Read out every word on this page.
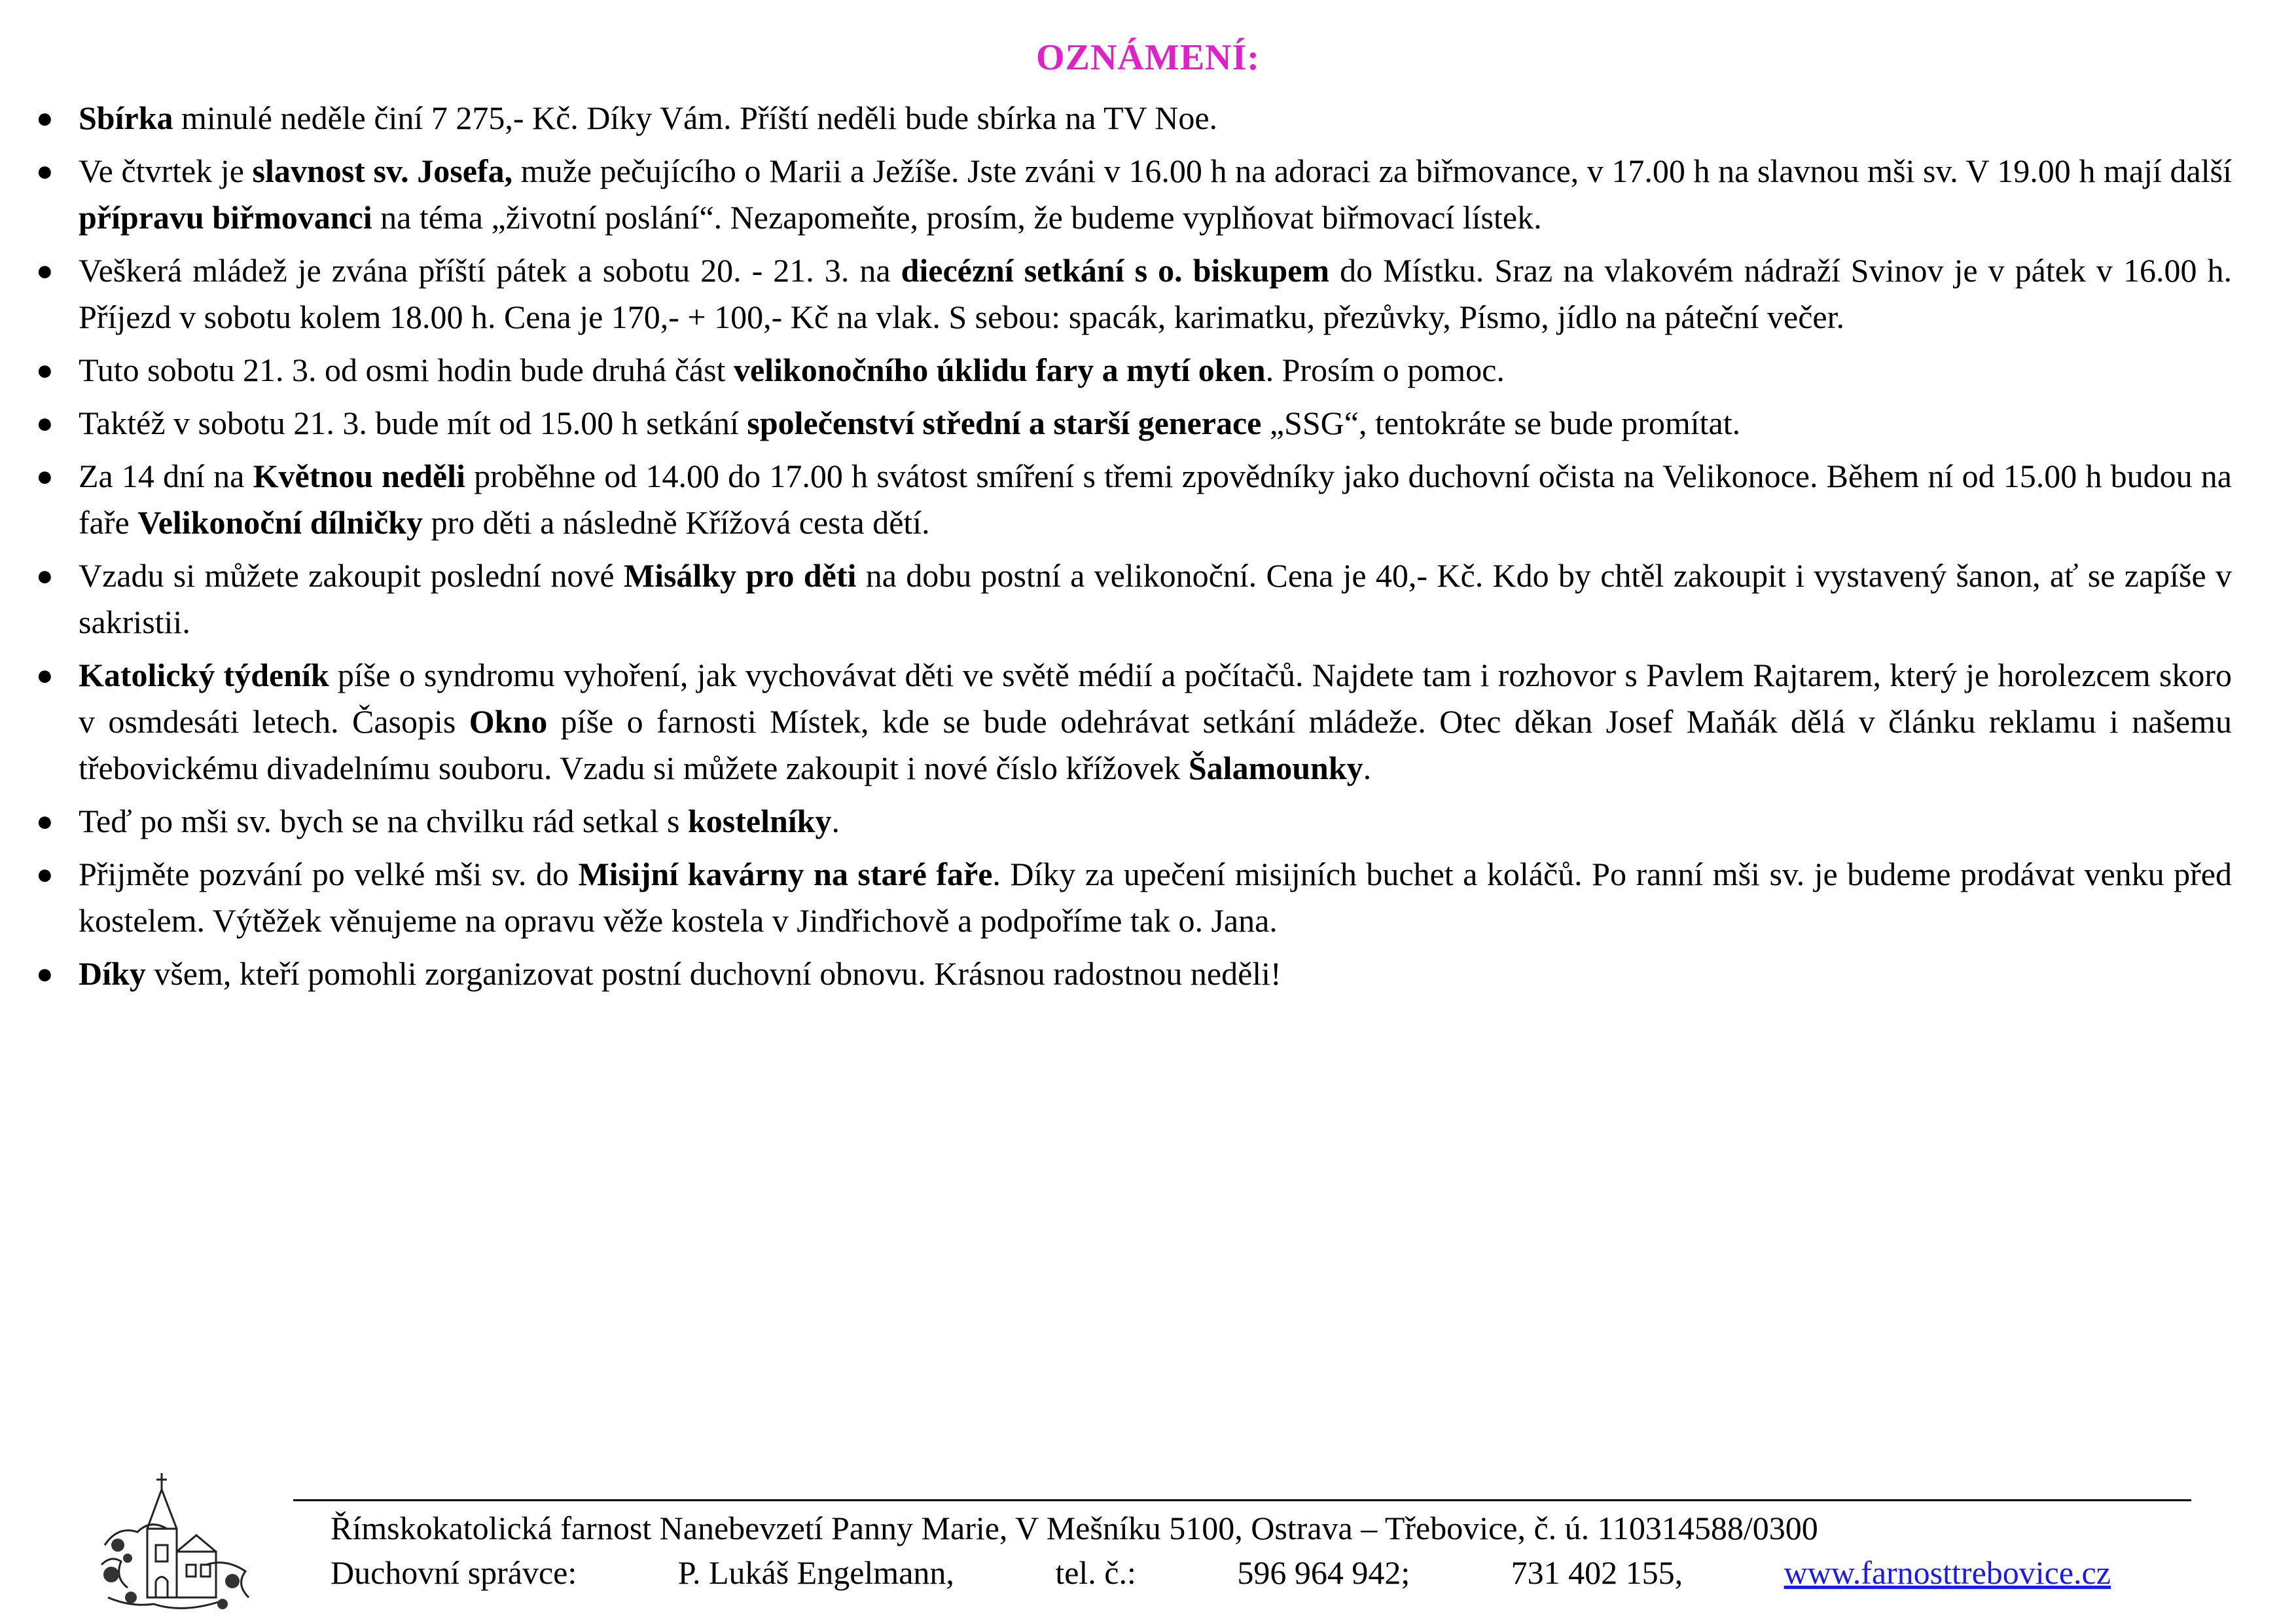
OZNÁMENÍ:
● Sbírka minulé neděle činí 7 275,- Kč. Díky Vám. Příští neděli bude sbírka na TV Noe.
● Ve čtvrtek je slavnost sv. Josefa, muže pečujícího o Marii a Ježíše. Jste zváni v 16.00 h na adoraci za biřmovance, v 17.00 h na slavnou mši sv. V 19.00 h mají další přípravu biřmovanci na téma „životní poslání“. Nezapomeňte, prosím, že budeme vyplňovat biřmovací lístek.
● Veškerá mládež je zvána příští pátek a sobotu 20. - 21. 3. na diecézní setkání s o. biskupem do Místku. Sraz na vlakovém nádraží Svinov je v pátek v 16.00 h. Příjezd v sobotu kolem 18.00 h. Cena je 170,- + 100,- Kč na vlak. S sebou: spacák, karimatku, přezůvky, Písmo, jídlo na páteční večer.
● Tuto sobotu 21. 3. od osmi hodin bude druhá část velikonočního úklidu fary a mytí oken. Prosím o pomoc.
● Taktéž v sobotu 21. 3. bude mít od 15.00 h setkání společenství střední a starší generace „SSG“, tentokráte se bude promítat.
● Za 14 dní na Květnou neděli proběhne od 14.00 do 17.00 h svátost smíření s třemi zpovědníky jako duchovní očista na Velikonoce. Během ní od 15.00 h budou na faře Velikonoční dílničky pro děti a následně Křížová cesta dětí.
● Vzadu si můžete zakoupit poslední nové Misálky pro děti na dobu postní a velikonoční. Cena je 40,- Kč. Kdo by chtěl zakoupit i vystavený šanon, ať se zapíše v sakristii.
● Katolický týdeník píše o syndromu vyhoření, jak vychovávat děti ve světě médií a počítačů. Najdete tam i rozhovor s Pavlem Rajtarem, který je horolezcem skoro v osmdesáti letech. Časopis Okno píše o farnosti Místek, kde se bude odehrávat setkání mládeže. Otec děkan Josef Maňák dělá v článku reklamu i našemu třebovickému divadelnímu souboru. Vzadu si můžete zakoupit i nové číslo křížovek Šalamounky.
● Teď po mši sv. bych se na chvilku rád setkal s kostelníky.
● Přijměte pozvání po velké mši sv. do Misijní kavárny na staré faře. Díky za upečení misijních buchet a koláčů. Po ranní mši sv. je budeme prodávat venku před kostelem. Výtěžek věnujeme na opravu věže kostela v Jindřichově a podpoříme tak o. Jana.
● Díky všem, kteří pomohli zorganizovat postní duchovní obnovu. Krásnou radostnou neděli!
Římskokatolická farnost Nanebevzetí Panny Marie, V Mešníku 5100, Ostrava – Třebovice, č. ú. 110314588/0300
Duchovní správce:	P. Lukáš Engelmann,	tel. č.:	596 964 942;	731 402 155,	www.farnosttrebovice.cz
